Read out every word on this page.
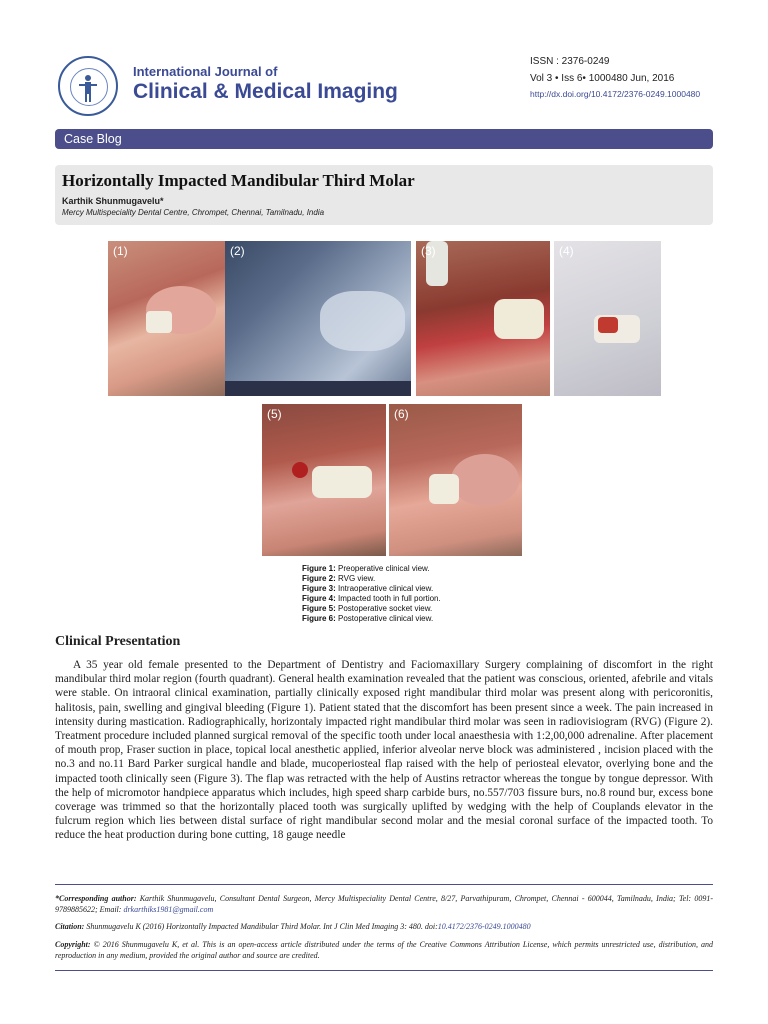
International Journal of
Clinical & Medical Imaging
ISSN : 2376-0249
Vol 3 • Iss 6• 1000480 Jun, 2016
http://dx.doi.org/10.4172/2376-0249.1000480
Case Blog
Horizontally Impacted Mandibular Third Molar
Karthik Shunmugavelu*
Mercy Multispeciality Dental Centre, Chrompet, Chennai, Tamilnadu, India
(1)	(2)	(3)	(4)
(5)	(6)
Figure 1: Preoperative clinical view.
Figure 2: RVG view.
Figure 3: Intraoperative clinical view.
Figure 4: Impacted tooth in full portion.
Figure 5: Postoperative socket view.
Figure 6: Postoperative clinical view.
Clinical Presentation
A 35 year old female presented to the Department of Dentistry and Faciomaxillary Surgery complaining of discomfort in the right mandibular third molar region (fourth quadrant). General health examination revealed that the patient was conscious, oriented, afebrile and vitals were stable. On intraoral clinical examination, partially clinically exposed right mandibular third molar was present along with pericoronitis, halitosis, pain, swelling and gingival bleeding (Figure 1). Patient stated that the discomfort has been present since a week. The pain increased in intensity during mastication. Radiographically, horizontaly impacted right mandibular third molar was seen in radiovisiogram (RVG) (Figure 2). Treatment procedure included planned surgical removal of the specific tooth under local anaesthesia with 1:2,00,000 adrenaline. After placement of mouth prop, Fraser suction in place, topical local anesthetic applied, inferior alveolar nerve block was administered , incision placed with the no.3 and no.11 Bard Parker surgical handle and blade, mucoperiosteal flap raised with the help of periosteal elevator, overlying bone and the impacted tooth clinically seen (Figure 3). The flap was retracted with the help of Austins retractor whereas the tongue by tongue depressor. With the help of micromotor handpiece apparatus which includes, high speed sharp carbide burs, no.557/703 fissure burs, no.8 round bur, excess bone coverage was trimmed so that the horizontally placed tooth was surgically uplifted by wedging with the help of Couplands elevator in the fulcrum region which lies between distal surface of right mandibular second molar and the mesial coronal surface of the impacted tooth. To reduce the heat production during bone cutting, 18 gauge needle
*Corresponding author: Karthik Shunmugavelu, Consultant Dental Surgeon, Mercy Multispeciality Dental Centre, 8/27, Parvathipuram, Chrompet, Chennai - 600044, Tamilnadu, India; Tel: 0091-9789885622; Email: drkarthiks1981@gmail.com
Citation: Shunmugavelu K (2016) Horizontally Impacted Mandibular Third Molar. Int J Clin Med Imaging 3: 480. doi:10.4172/2376-0249.1000480
Copyright: © 2016 Shunmugavelu K, et al. This is an open-access article distributed under the terms of the Creative Commons Attribution License, which permits unrestricted use, distribution, and reproduction in any medium, provided the original author and source are credited.
